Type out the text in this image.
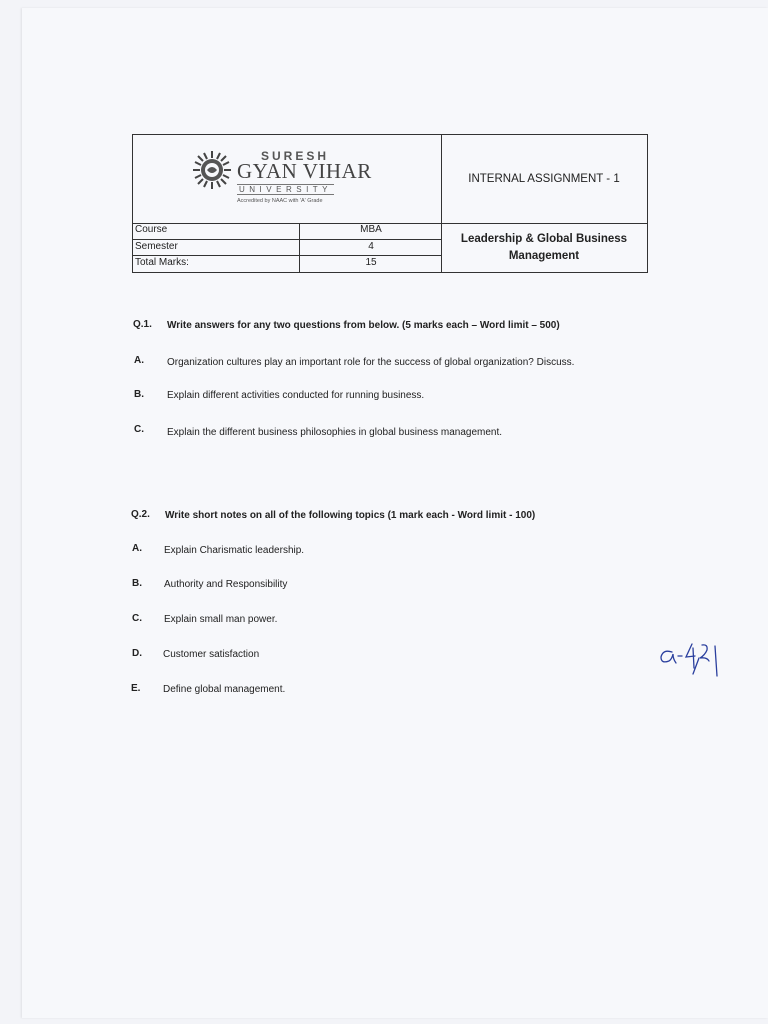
SURESH
GYAN VIHAR
UNIVERSITY
Accredited by NAAC with 'A' Grade
INTERNAL ASSIGNMENT - 1
Leadership & Global Business Management
Course	MBA
Semester	4
Total Marks:	15
Q.1. Write answers for any two questions from below. (5 marks each – Word limit – 500)
A. Organization cultures play an important role for the success of global organization? Discuss.
B. Explain different activities conducted for running business.
C. Explain the different business philosophies in global business management.
Q.2. Write short notes on all of the following topics (1 mark each - Word limit - 100)
A. Explain Charismatic leadership.
B. Authority and Responsibility
C. Explain small man power.
D. Customer satisfaction
E. Define global management.
